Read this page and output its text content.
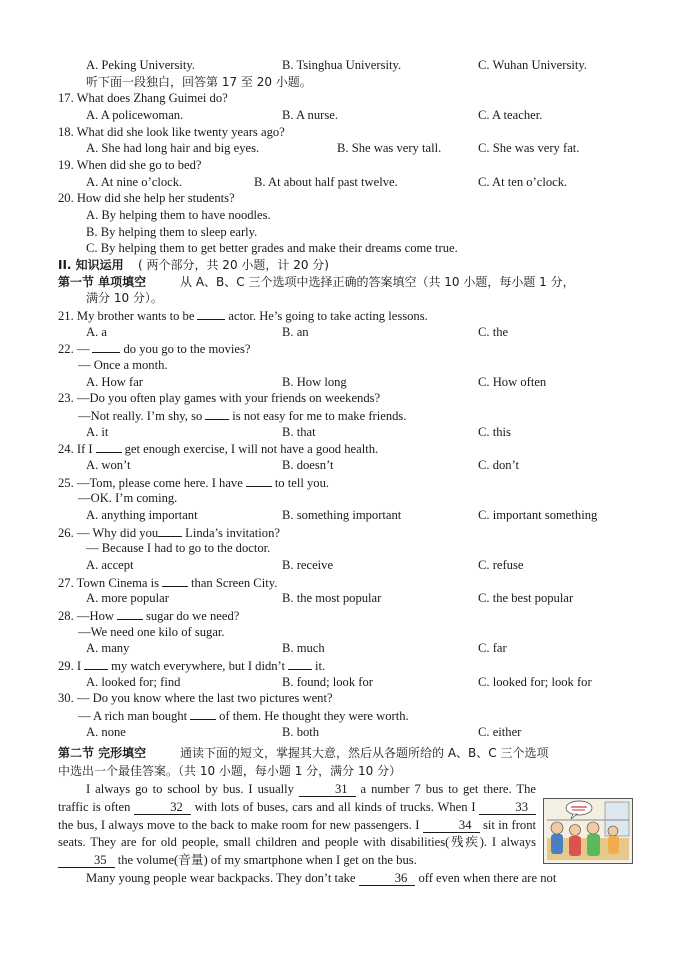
A. Peking University.	B. Tsinghua University.	C. Wuhan University.
听下面一段独白，回答第 17 至 20 小题。
17. What does Zhang Guimei do?
A. A policewoman.	B. A nurse.	C. A teacher.
18. What did she look like twenty years ago?
A. She had long hair and big eyes.	B. She was very tall.	C. She was very fat.
19. When did she go to bed?
A. At nine o’clock.	B. At about half past twelve.	C. At ten o’clock.
20. How did she help her students?
A. By helping them to have noodles.
B. By helping them to sleep early.
C. By helping them to get better grades and make their dreams come true.
II. 知识运用 ( 两个部分，共 20 小题，计 20 分)
第一节 单项填空	从 A、B、C 三个选项中选择正确的答案填空（共 10 小题，每小题 1 分，
满分 10 分）。
21. My brother wants to be	actor. He’s going to take acting lessons.
A. a	B. an	C. the
22. —	do you go to the movies?
— Once a month.
A. How far	B. How long	C. How often
23. —Do you often play games with your friends on weekends?
—Not really. I’m shy, so is not easy for me to make friends.
A. it	B. that	C. this
24. If I	get enough exercise, I will not have a good health.
A. won’t	B. doesn’t	C. don’t
25. —Tom, please come here. I have	to tell you.
—OK. I’m coming.
A. anything important	B. something important	C. important something
26. — Why did you Linda’s invitation?
— Because I had to go to the doctor.
A. accept	B. receive	C. refuse
27. Town Cinema is	than Screen City.
A. more popular	B. the most popular	C. the best popular
28. —How	sugar do we need?
—We need one kilo of sugar.
A. many	B. much	C. far
29. I my watch everywhere, but I didn’t it.
A. looked for; find	B. found; look for	C. looked for; look for
30. — Do you know where the last two pictures went?
— A rich man bought	of them. He thought they were worth.
A. none	B. both	C. either
第二节 完形填空	通读下面的短文，掌握其大意，然后从各题所给的 A、B、C 三个选项
中选出一个最佳答案。（共 10 小题，每小题 1 分，满分 10 分）

I always go to school by bus. I usually	31 a number 7 bus to get there. The traffic is often	32 with lots of buses, cars and all kinds of trucks. When I	33 the bus, I always move to the back to make room for new passengers. I	34 sit in front seats. They are for old people, small children and people with disabilities(残疾). I always 35 the volume(音量) of my smartphone when I get on the bus.

Many young people wear backpacks. They don’t take	36 off even when there are not
